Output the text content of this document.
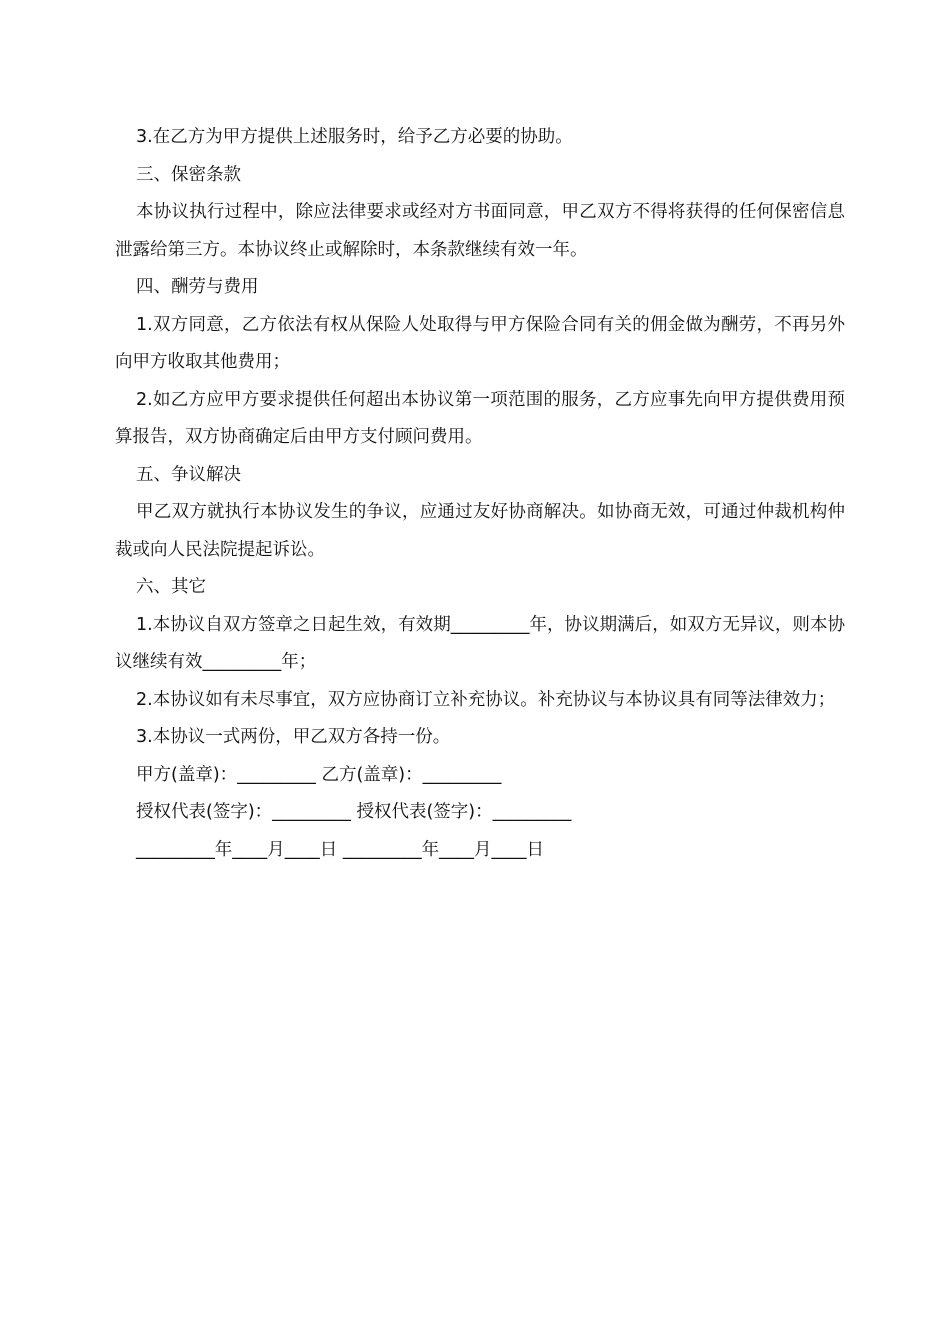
3.在乙方为甲方提供上述服务时，给予乙方必要的协助。

三、保密条款

本协议执行过程中，除应法律要求或经对方书面同意，甲乙双方不得将获得的任何保密信息泄露给第三方。本协议终止或解除时，本条款继续有效一年。

四、酬劳与费用

1.双方同意，乙方依法有权从保险人处取得与甲方保险合同有关的佣金做为酬劳，不再另外向甲方收取其他费用；

2.如乙方应甲方要求提供任何超出本协议第一项范围的服务，乙方应事先向甲方提供费用预算报告，双方协商确定后由甲方支付顾问费用。

五、争议解决

甲乙双方就执行本协议发生的争议，应通过友好协商解决。如协商无效，可通过仲裁机构仲裁或向人民法院提起诉讼。

六、其它

1.本协议自双方签章之日起生效，有效期_________年，协议期满后，如双方无异议，则本协议继续有效_________年；

2.本协议如有未尽事宜，双方应协商订立补充协议。补充协议与本协议具有同等法律效力；

3.本协议一式两份，甲乙双方各持一份。

甲方(盖章)：_________ 乙方(盖章)：_________

授权代表(签字)：_________ 授权代表(签字)：_________

_________年____月____日 _________年____月____日
